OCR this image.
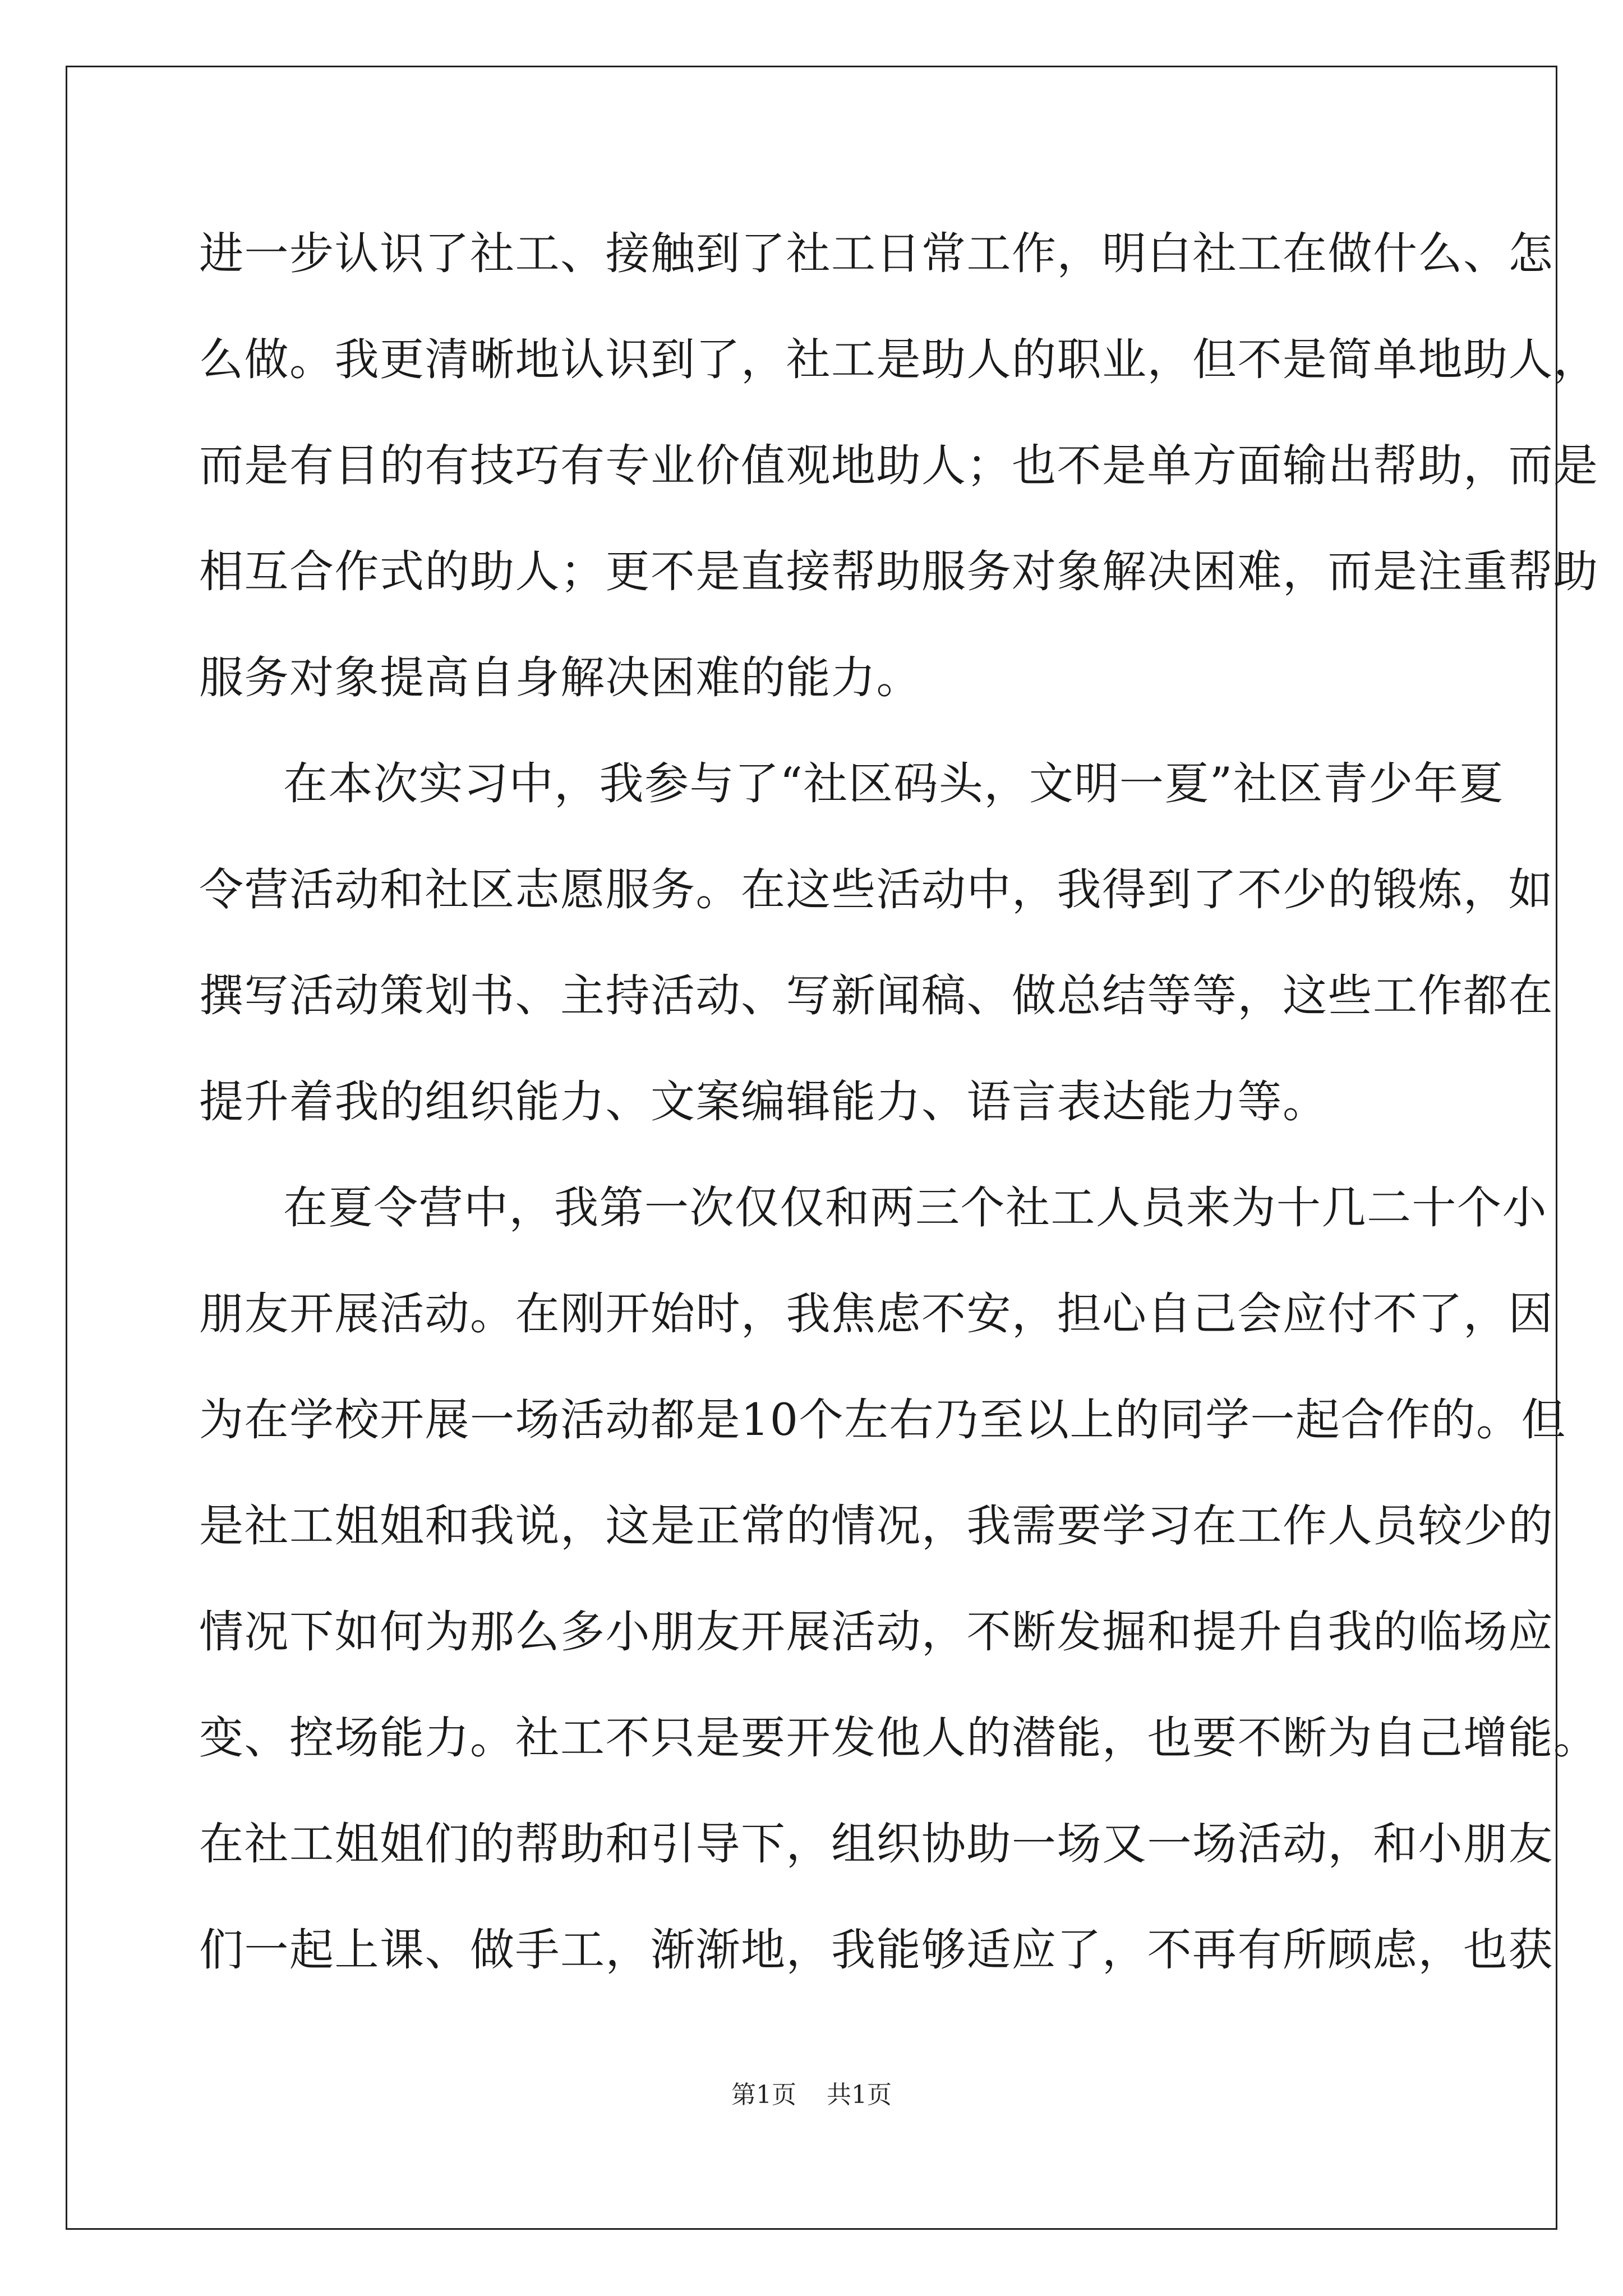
进一步认识了社工、接触到了社工日常工作，明白社工在做什么、怎
么做。我更清晰地认识到了，社工是助人的职业，但不是简单地助人，
而是有目的有技巧有专业价值观地助人；也不是单方面输出帮助，而是
相互合作式的助人；更不是直接帮助服务对象解决困难，而是注重帮助
服务对象提高自身解决困难的能力。
在本次实习中，我参与了“社区码头，文明一夏”社区青少年夏
令营活动和社区志愿服务。在这些活动中，我得到了不少的锻炼，如
撰写活动策划书、主持活动、写新闻稿、做总结等等，这些工作都在
提升着我的组织能力、文案编辑能力、语言表达能力等。
在夏令营中，我第一次仅仅和两三个社工人员来为十几二十个小
朋友开展活动。在刚开始时，我焦虑不安，担心自己会应付不了，因
为在学校开展一场活动都是10个左右乃至以上的同学一起合作的。但
是社工姐姐和我说，这是正常的情况，我需要学习在工作人员较少的
情况下如何为那么多小朋友开展活动，不断发掘和提升自我的临场应
变、控场能力。社工不只是要开发他人的潜能，也要不断为自己增能。
在社工姐姐们的帮助和引导下，组织协助一场又一场活动，和小朋友
们一起上课、做手工，渐渐地，我能够适应了，不再有所顾虑，也获
第1页 共1页
